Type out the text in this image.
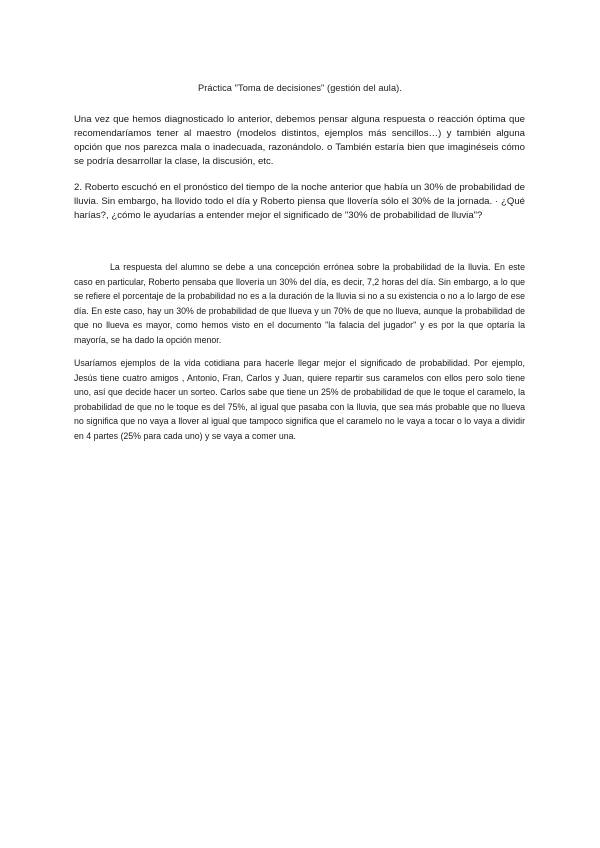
Práctica "Toma de decisiones" (gestión del aula).

Una vez que hemos diagnosticado lo anterior, debemos pensar alguna respuesta o reacción óptima que recomendaríamos tener al maestro (modelos distintos, ejemplos más sencillos…) y también alguna opción que nos parezca mala o inadecuada, razonándolo. o También estaría bien que imaginéseis cómo se podría desarrollar la clase, la discusión, etc.

2. Roberto escuchó en el pronóstico del tiempo de la noche anterior que había un 30% de probabilidad de lluvia. Sin embargo, ha llovido todo el día y Roberto piensa que llovería sólo el 30% de la jornada. · ¿Qué harías?, ¿cómo le ayudarías a entender mejor el significado de "30% de probabilidad de lluvia"?

La respuesta del alumno se debe a una concepción errónea sobre la probabilidad de la lluvia. En este caso en particular, Roberto pensaba que llovería un 30% del día, es decir, 7,2 horas del día. Sin embargo, a lo que se refiere el porcentaje de la probabilidad no es a la duración de la lluvia si no a su existencia o no a lo largo de ese día. En este caso, hay un 30% de probabilidad de que llueva y un 70% de que no llueva, aunque la probabilidad de que no llueva es mayor, como hemos visto en el documento "la falacia del jugador" y es por la que optaría la mayoría, se ha dado la opción menor.

Usaríamos ejemplos de la vida cotidiana para hacerle llegar mejor el significado de probabilidad. Por ejemplo, Jesús tiene cuatro amigos , Antonio, Fran, Carlos y Juan, quiere repartir sus caramelos con ellos pero solo tiene uno, así que decide hacer un sorteo. Carlos sabe que tiene un 25% de probabilidad de que le toque el caramelo, la probabilidad de que no le toque es del 75%, al igual que pasaba con la lluvia, que sea más probable que no llueva no significa que no vaya a llover al igual que tampoco significa que el caramelo no le vaya a tocar o lo vaya a dividir en 4 partes (25% para cada uno) y se vaya a comer una.
